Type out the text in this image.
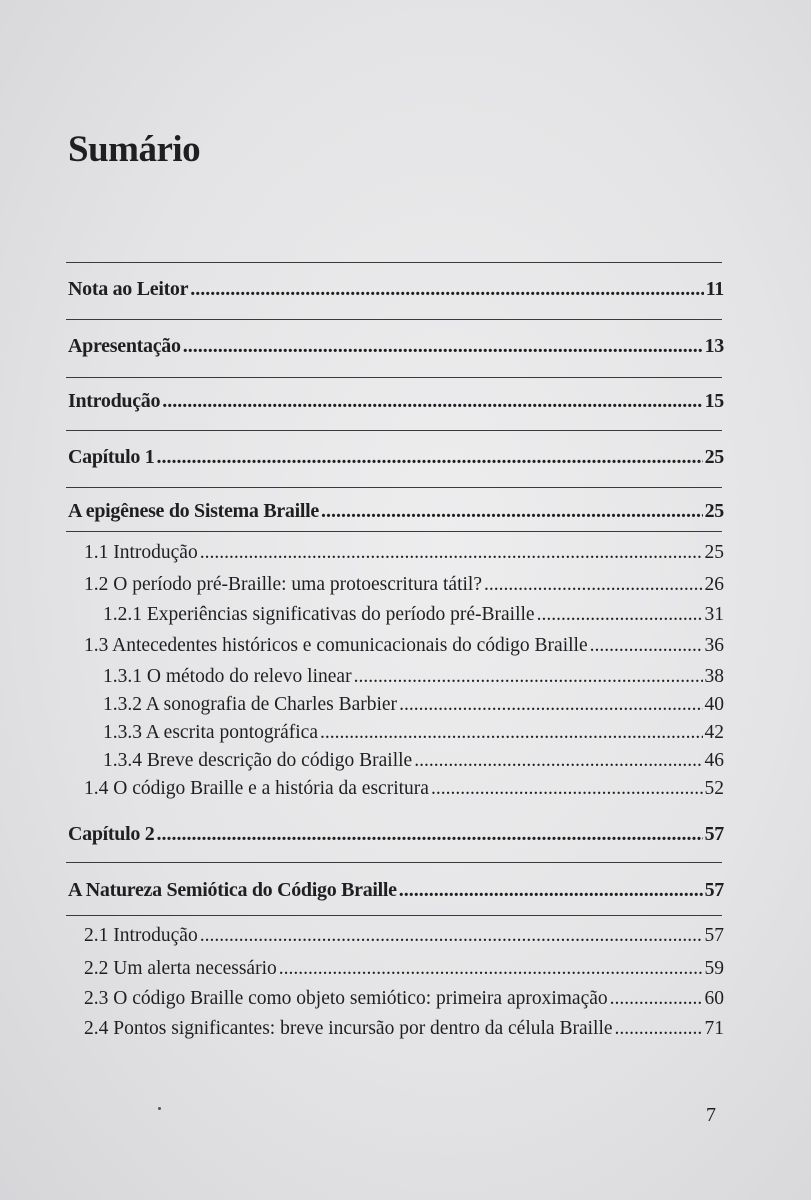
Sumário
Nota ao Leitor .....	11
Apresentação .....	13
Introdução .....	15
Capítulo 1 .....	25
A epigênese do Sistema Braille .....	25
1.1 Introdução .....	25
1.2 O período pré-Braille: uma protoescritura tátil? .....	26
1.2.1 Experiências significativas do período pré-Braille .....	31
1.3 Antecedentes históricos e comunicacionais do código Braille .....	36
1.3.1 O método do relevo linear .....	38
1.3.2 A sonografia de Charles Barbier .....	40
1.3.3 A escrita pontográfica .....	42
1.3.4 Breve descrição do código Braille .....	46
1.4 O código Braille e a história da escritura .....	52
Capítulo 2 .....	57
A Natureza Semiótica do Código Braille .....	57
2.1 Introdução .....	57
2.2 Um alerta necessário .....	59
2.3 O código Braille como objeto semiótico: primeira aproximação .....	60
2.4 Pontos significantes: breve incursão por dentro da célula Braille .....	71
7
